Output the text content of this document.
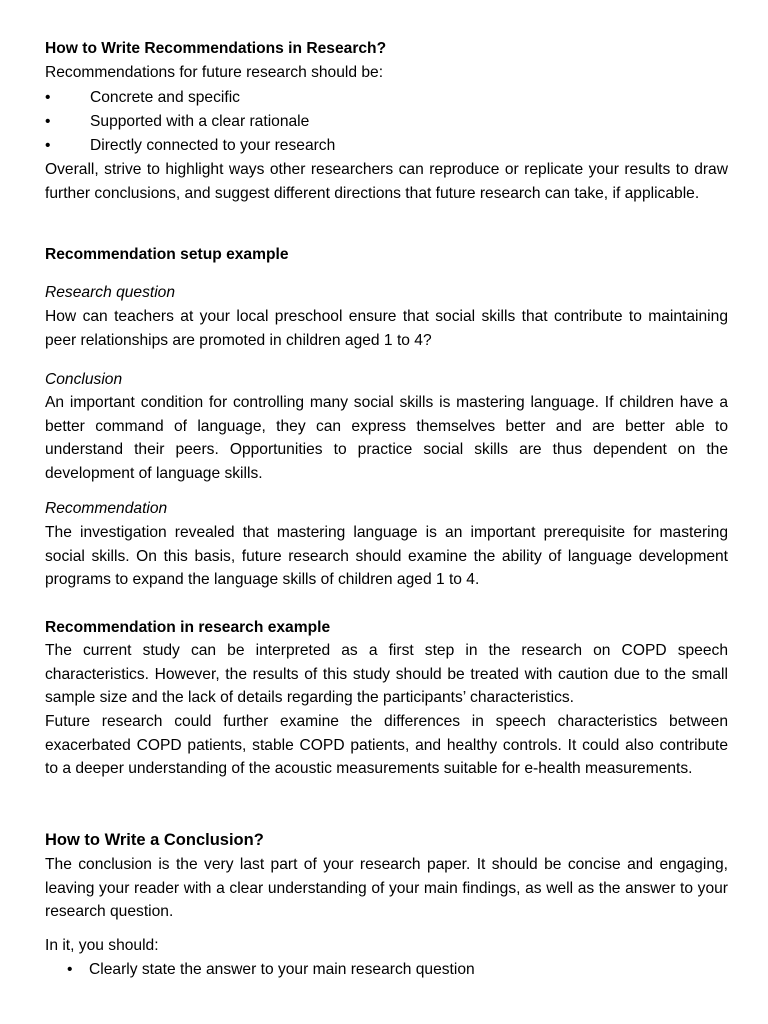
How to Write Recommendations in Research?

Recommendations for future research should be:

•	Concrete and specific
•	Supported with a clear rationale
•	Directly connected to your research

Overall, strive to highlight ways other researchers can reproduce or replicate your results to draw further conclusions, and suggest different directions that future research can take, if applicable.

Recommendation setup example

Research question

How can teachers at your local preschool ensure that social skills that contribute to maintaining peer relationships are promoted in children aged 1 to 4?

Conclusion

An important condition for controlling many social skills is mastering language. If children have a better command of language, they can express themselves better and are better able to understand their peers. Opportunities to practice social skills are thus dependent on the development of language skills.

Recommendation

The investigation revealed that mastering language is an important prerequisite for mastering social skills. On this basis, future research should examine the ability of language development programs to expand the language skills of children aged 1 to 4.

Recommendation in research example

The current study can be interpreted as a first step in the research on COPD speech characteristics. However, the results of this study should be treated with caution due to the small sample size and the lack of details regarding the participants’ characteristics.

Future research could further examine the differences in speech characteristics between exacerbated COPD patients, stable COPD patients, and healthy controls. It could also contribute to a deeper understanding of the acoustic measurements suitable for e-health measurements.

How to Write a Conclusion?

The conclusion is the very last part of your research paper. It should be concise and engaging, leaving your reader with a clear understanding of your main findings, as well as the answer to your research question.

In it, you should:

• Clearly state the answer to your main research question
